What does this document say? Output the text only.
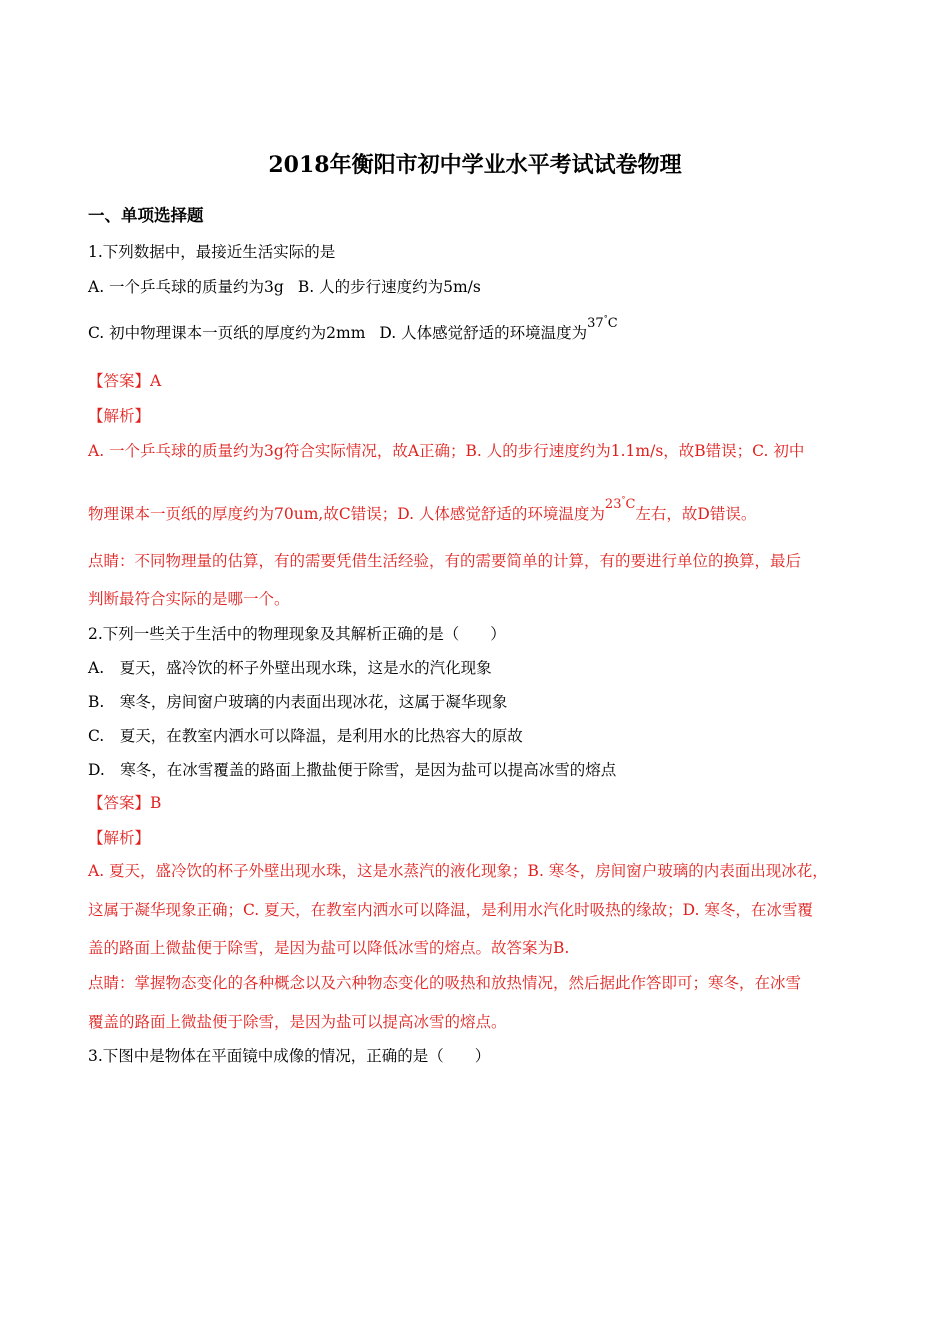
2018年衡阳市初中学业水平考试试卷物理
一、单项选择题
1.下列数据中，最接近生活实际的是
A. 一个乒乓球的质量约为3g B. 人的步行速度约为5m/s
C. 初中物理课本一页纸的厚度约为2mm D. 人体感觉舒适的环境温度为$^{37^\circ C}$
【答案】A
【解析】
A. 一个乒乓球的质量约为3g符合实际情况，故A正确；B. 人的步行速度约为1.1m/s，故B错误；C. 初中
物理课本一页纸的厚度约为70um,故C错误；D. 人体感觉舒适的环境温度为$^{23^\circ C}$左右，故D错误。
点睛：不同物理量的估算，有的需要凭借生活经验，有的需要简单的计算，有的要进行单位的换算，最后
判断最符合实际的是哪一个。
2.下列一些关于生活中的物理现象及其解析正确的是（　　）
A.　夏天，盛冷饮的杯子外壁出现水珠，这是水的汽化现象
B.　寒冬，房间窗户玻璃的内表面出现冰花，这属于凝华现象
C.　夏天，在教室内洒水可以降温，是利用水的比热容大的原故
D.　寒冬，在冰雪覆盖的路面上撒盐便于除雪，是因为盐可以提高冰雪的熔点
【答案】B
【解析】
A. 夏天，盛冷饮的杯子外壁出现水珠，这是水蒸汽的液化现象；B. 寒冬，房间窗户玻璃的内表面出现冰花，
这属于凝华现象正确；C. 夏天，在教室内洒水可以降温，是利用水汽化时吸热的缘故；D. 寒冬，在冰雪覆
盖的路面上微盐便于除雪，是因为盐可以降低冰雪的熔点。故答案为B.
点睛：掌握物态变化的各种概念以及六种物态变化的吸热和放热情况，然后据此作答即可；寒冬，在冰雪
覆盖的路面上微盐便于除雪，是因为盐可以提高冰雪的熔点。
3.下图中是物体在平面镜中成像的情况，正确的是（　　）
